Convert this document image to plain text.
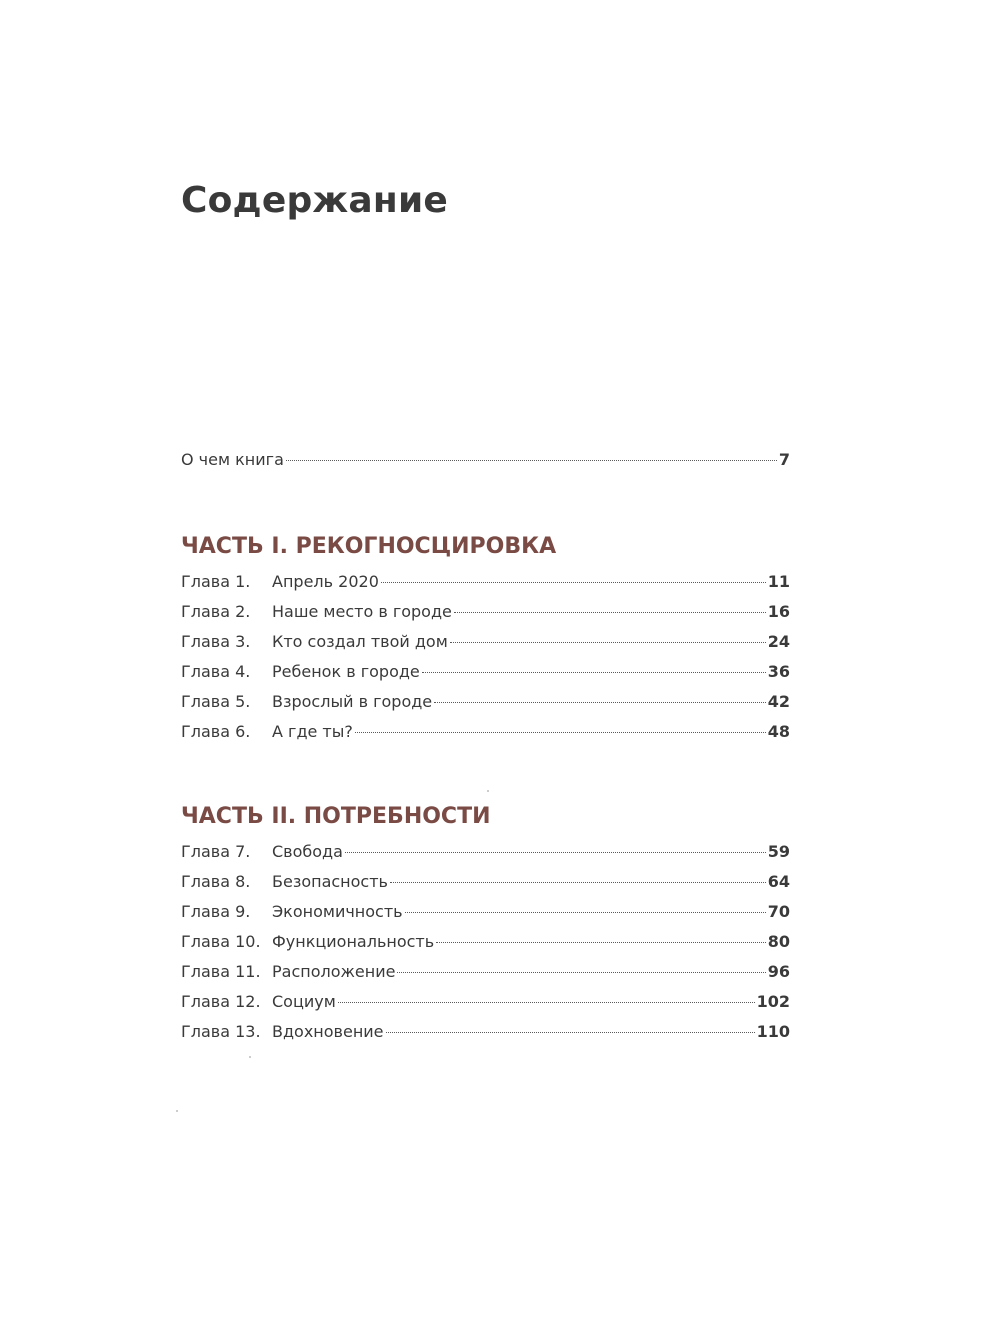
Содержание
О чем книга	7
ЧАСТЬ I. РЕКОГНОСЦИРОВКА
Глава 1.	Апрель 2020	11
Глава 2.	Наше место в городе	16
Глава 3.	Кто создал твой дом	24
Глава 4.	Ребенок в городе	36
Глава 5.	Взрослый в городе	42
Глава 6.	А где ты?	48
ЧАСТЬ II. ПОТРЕБНОСТИ
Глава 7.	Свобода	59
Глава 8.	Безопасность	64
Глава 9.	Экономичность	70
Глава 10. Функциональность	80
Глава 11. Расположение	96
Глава 12. Социум	102
Глава 13. Вдохновение	110
